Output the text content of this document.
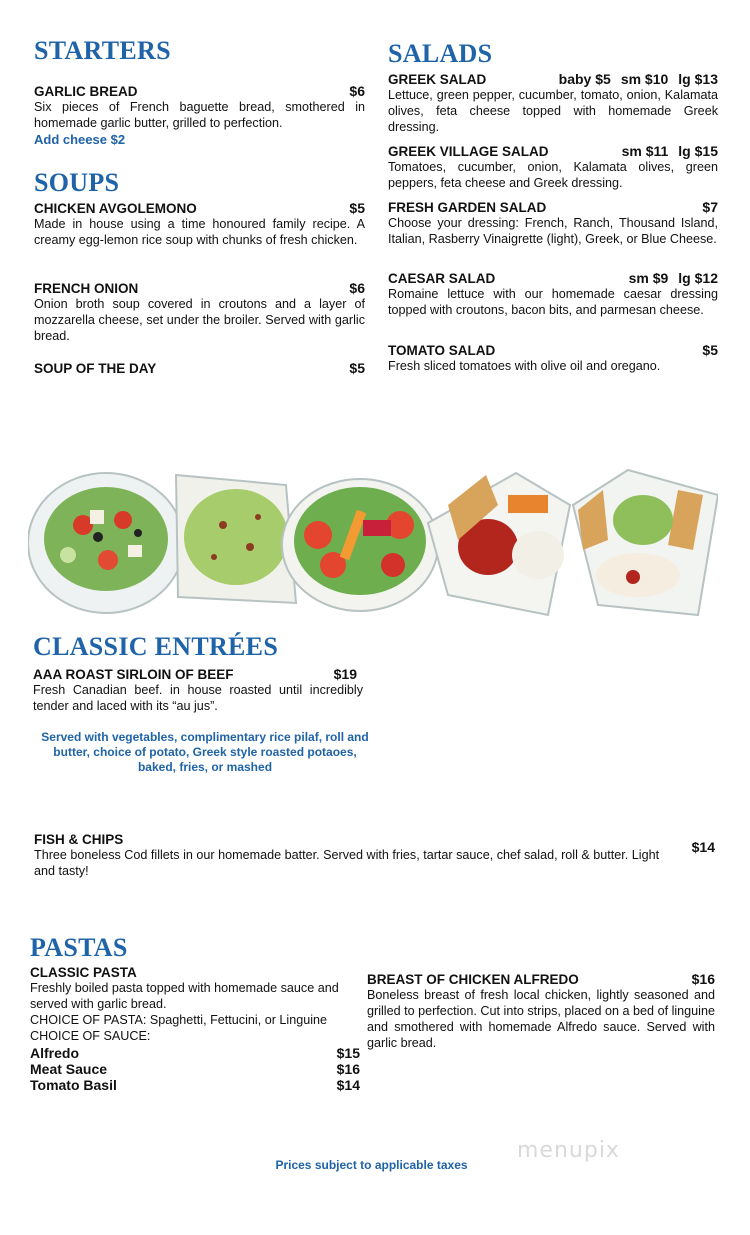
STARTERS
GARLIC BREAD	$6
Six pieces of French baguette bread, smothered in homemade garlic butter, grilled to perfection.
Add cheese $2
SOUPS
CHICKEN AVGOLEMONO	$5
Made in house using a time honoured family recipe. A creamy egg-lemon rice soup with chunks of fresh chicken.
FRENCH ONION	$6
Onion broth soup covered in croutons and a layer of mozzarella cheese, set under the broiler. Served with garlic bread.
SOUP OF THE DAY	$5
SALADS
GREEK SALAD	baby $5 sm $10 lg $13
Lettuce, green pepper, cucumber, tomato, onion, Kalamata olives, feta cheese topped with homemade Greek dressing.
GREEK VILLAGE SALAD	sm $11 lg $15
Tomatoes, cucumber, onion, Kalamata olives, green peppers, feta cheese and Greek dressing.
FRESH GARDEN SALAD	$7
Choose your dressing: French, Ranch, Thousand Island, Italian, Rasberry Vinaigrette (light), Greek, or Blue Cheese.
CAESAR SALAD	sm $9 lg $12
Romaine lettuce with our homemade caesar dressing topped with croutons, bacon bits, and parmesan cheese.
TOMATO SALAD	$5
Fresh sliced tomatoes with olive oil and oregano.
CLASSIC ENTRÉES
AAA ROAST SIRLOIN OF BEEF	$19
Fresh Canadian beef. in house roasted until incredibly tender and laced with its “au jus”.
Served with vegetables, complimentary rice pilaf, roll and butter, choice of potato, Greek style roasted potaoes, baked, fries, or mashed
FISH & CHIPS	$14
Three boneless Cod fillets in our homemade batter. Served with fries, tartar sauce, chef salad, roll & butter. Light and tasty!
PASTAS
CLASSIC PASTA
Freshly boiled pasta topped with homemade sauce and served with garlic bread.
CHOICE OF PASTA: Spaghetti, Fettucini, or Linguine
CHOICE OF SAUCE:
Alfredo	$15
Meat Sauce	$16
Tomato Basil	$14
BREAST OF CHICKEN ALFREDO	$16
Boneless breast of fresh local chicken, lightly seasoned and grilled to perfection. Cut into strips, placed on a bed of linguine and smothered with homemade Alfredo sauce. Served with garlic bread.
Prices subject to applicable taxes
menupix
